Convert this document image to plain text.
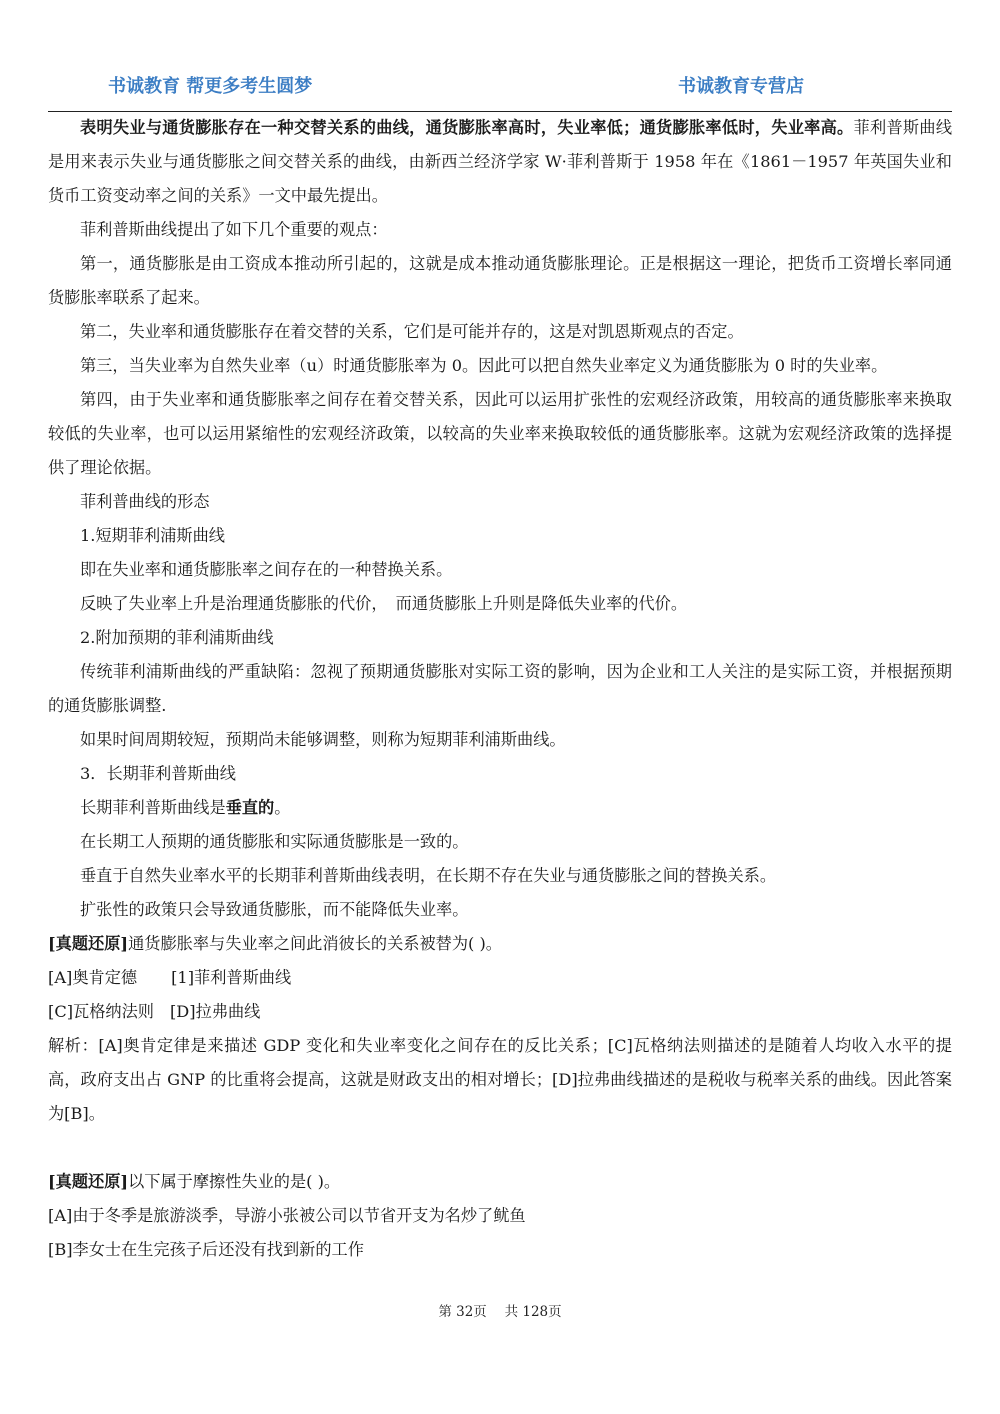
书诚教育 帮更多考生圆梦	书诚教育专营店

表明失业与通货膨胀存在一种交替关系的曲线，通货膨胀率高时，失业率低；通货膨胀率低时，失业率高。菲利普斯曲线是用来表示失业与通货膨胀之间交替关系的曲线，由新西兰经济学家 W·菲利普斯于 1958 年在《1861－1957 年英国失业和货币工资变动率之间的关系》一文中最先提出。

菲利普斯曲线提出了如下几个重要的观点：

第一，通货膨胀是由工资成本推动所引起的，这就是成本推动通货膨胀理论。正是根据这一理论，把货币工资增长率同通货膨胀率联系了起来。

第二，失业率和通货膨胀存在着交替的关系，它们是可能并存的，这是对凯恩斯观点的否定。

第三，当失业率为自然失业率（u）时通货膨胀率为 0。因此可以把自然失业率定义为通货膨胀为 0 时的失业率。

第四，由于失业率和通货膨胀率之间存在着交替关系，因此可以运用扩张性的宏观经济政策，用较高的通货膨胀率来换取较低的失业率，也可以运用紧缩性的宏观经济政策，以较高的失业率来换取较低的通货膨胀率。这就为宏观经济政策的选择提供了理论依据。

菲利普曲线的形态

1.短期菲利浦斯曲线

即在失业率和通货膨胀率之间存在的一种替换关系。

反映了失业率上升是治理通货膨胀的代价，　而通货膨胀上升则是降低失业率的代价。

2.附加预期的菲利浦斯曲线

传统菲利浦斯曲线的严重缺陷：忽视了预期通货膨胀对实际工资的影响，因为企业和工人关注的是实际工资，并根据预期的通货膨胀调整.

如果时间周期较短，预期尚未能够调整，则称为短期菲利浦斯曲线。

3．长期菲利普斯曲线

长期菲利普斯曲线是垂直的。

在长期工人预期的通货膨胀和实际通货膨胀是一致的。

垂直于自然失业率水平的长期菲利普斯曲线表明，在长期不存在失业与通货膨胀之间的替换关系。

扩张性的政策只会导致通货膨胀，而不能降低失业率。

[真题还原]通货膨胀率与失业率之间此消彼长的关系被替为( )。

[A]奥肯定德 [1]菲利普斯曲线

[C]瓦格纳法则 [D]拉弗曲线

解析：[A]奥肯定律是来描述 GDP 变化和失业率变化之间存在的反比关系；[C]瓦格纳法则描述的是随着人均收入水平的提高，政府支出占 GNP 的比重将会提高，这就是财政支出的相对增长；[D]拉弗曲线描述的是税收与税率关系的曲线。因此答案为[B]。

[真题还原]以下属于摩擦性失业的是( )。

[A]由于冬季是旅游淡季，导游小张被公司以节省开支为名炒了鱿鱼

[B]李女士在生完孩子后还没有找到新的工作

第 32页　 共 128页
